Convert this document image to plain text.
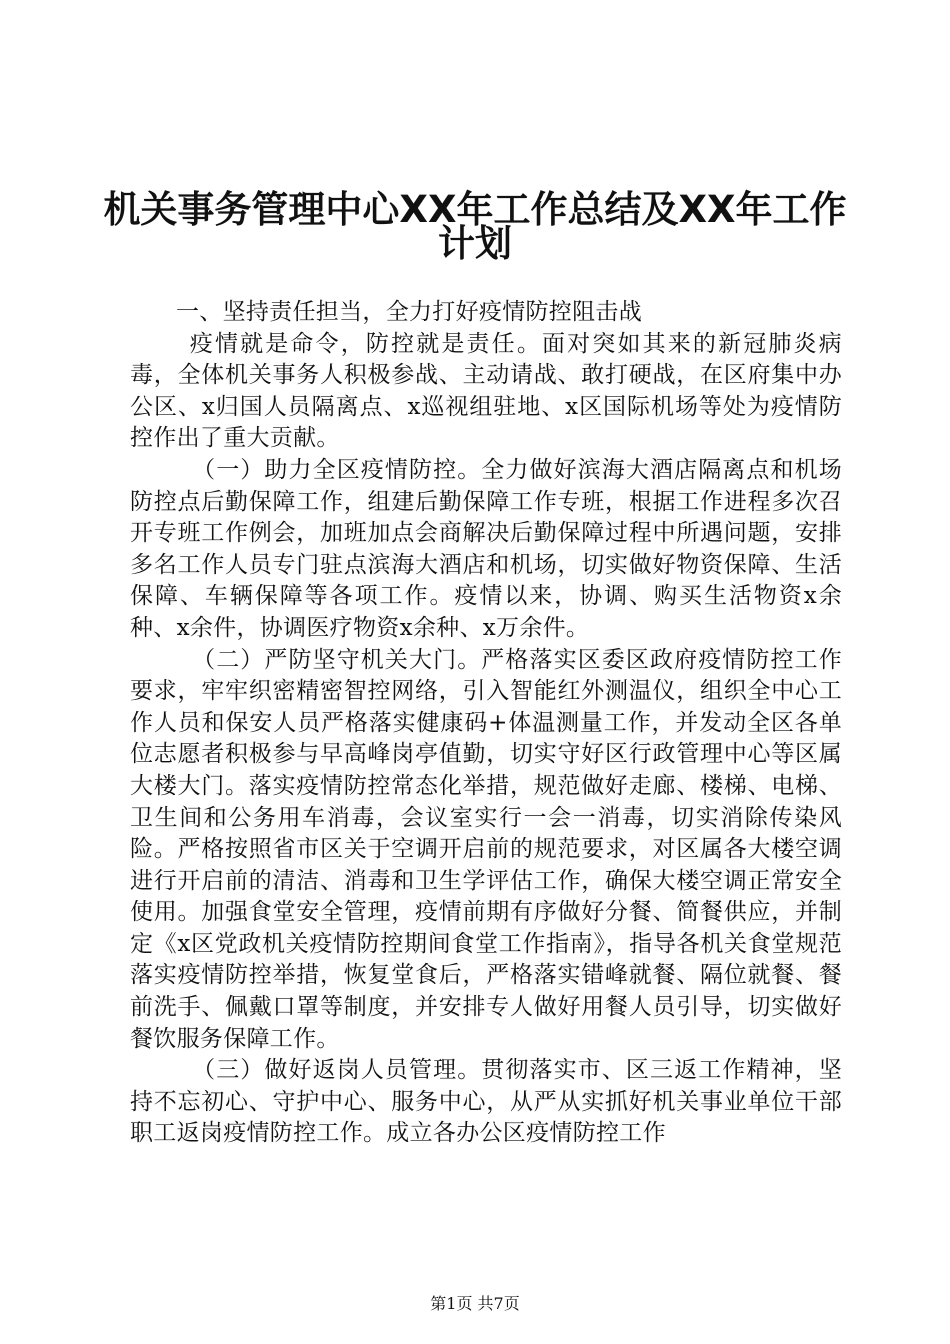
机关事务管理中心XX年工作总结及XX年工作
计划

一、坚持责任担当，全力打好疫情防控阻击战

疫情就是命令，防控就是责任。面对突如其来的新冠肺炎病毒，全体机关事务人积极参战、主动请战、敢打硬战，在区府集中办公区、x归国人员隔离点、x巡视组驻地、x区国际机场等处为疫情防控作出了重大贡献。

（一）助力全区疫情防控。全力做好滨海大酒店隔离点和机场防控点后勤保障工作，组建后勤保障工作专班，根据工作进程多次召开专班工作例会，加班加点会商解决后勤保障过程中所遇问题，安排多名工作人员专门驻点滨海大酒店和机场，切实做好物资保障、生活保障、车辆保障等各项工作。疫情以来，协调、购买生活物资x余种、x余件，协调医疗物资x余种、x万余件。

（二）严防坚守机关大门。严格落实区委区政府疫情防控工作要求，牢牢织密精密智控网络，引入智能红外测温仪，组织全中心工作人员和保安人员严格落实健康码+体温测量工作，并发动全区各单位志愿者积极参与早高峰岗亭值勤，切实守好区行政管理中心等区属大楼大门。落实疫情防控常态化举措，规范做好走廊、楼梯、电梯、卫生间和公务用车消毒，会议室实行一会一消毒，切实消除传染风险。严格按照省市区关于空调开启前的规范要求，对区属各大楼空调进行开启前的清洁、消毒和卫生学评估工作，确保大楼空调正常安全使用。加强食堂安全管理，疫情前期有序做好分餐、简餐供应，并制定《x区党政机关疫情防控期间食堂工作指南》，指导各机关食堂规范落实疫情防控举措，恢复堂食后，严格落实错峰就餐、隔位就餐、餐前洗手、佩戴口罩等制度，并安排专人做好用餐人员引导，切实做好餐饮服务保障工作。

（三）做好返岗人员管理。贯彻落实市、区三返工作精神，坚持不忘初心、守护中心、服务中心，从严从实抓好机关事业单位干部职工返岗疫情防控工作。成立各办公区疫情防控工作

第1页 共7页
